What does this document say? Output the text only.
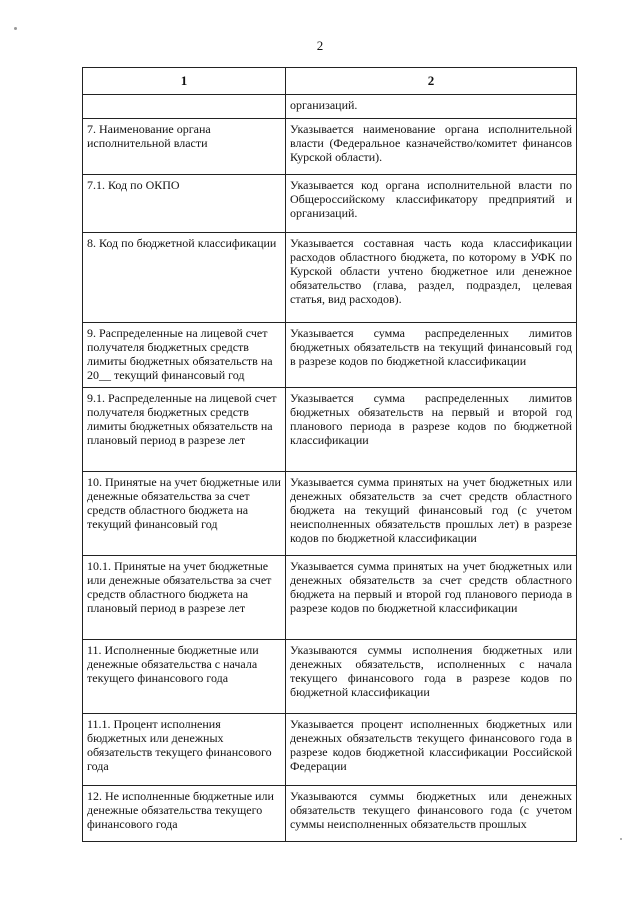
2
1	2
	организаций.
7. Наименование органа исполнительной власти	Указывается наименование органа исполнительной власти (Федеральное казначейство/комитет финансов Курской области).
7.1. Код по ОКПО	Указывается код органа исполнительной власти по Общероссийскому классификатору предприятий и организаций.
8. Код по бюджетной классификации	Указывается составная часть кода классификации расходов областного бюджета, по которому в УФК по Курской области учтено бюджетное или денежное обязательство (глава, раздел, подраздел, целевая статья, вид расходов).
9. Распределенные на лицевой счет получателя бюджетных средств лимиты бюджетных обязательств на 20__ текущий финансовый год	Указывается сумма распределенных лимитов бюджетных обязательств на текущий финансовый год в разрезе кодов по бюджетной классификации
9.1. Распределенные на лицевой счет получателя бюджетных средств лимиты бюджетных обязательств на плановый период в разрезе лет	Указывается сумма распределенных лимитов бюджетных обязательств на первый и второй год планового периода в разрезе кодов по бюджетной классификации
10. Принятые на учет бюджетные или денежные обязательства за счет средств областного бюджета на текущий финансовый год	Указывается сумма принятых на учет бюджетных или денежных обязательств за счет средств областного бюджета на текущий финансовый год (с учетом неисполненных обязательств прошлых лет) в разрезе кодов по бюджетной классификации
10.1. Принятые на учет бюджетные или денежные обязательства за счет средств областного бюджета на плановый период в разрезе лет	Указывается сумма принятых на учет бюджетных или денежных обязательств за счет средств областного бюджета на первый и второй год планового периода в разрезе кодов по бюджетной классификации
11. Исполненные бюджетные или денежные обязательства с начала текущего финансового года	Указываются суммы исполнения бюджетных или денежных обязательств, исполненных с начала текущего финансового года в разрезе кодов по бюджетной классификации
11.1. Процент исполнения бюджетных или денежных обязательств текущего финансового года	Указывается процент исполненных бюджетных или денежных обязательств текущего финансового года в разрезе кодов бюджетной классификации Российской Федерации
12. Не исполненные бюджетные или денежные обязательства текущего финансового года	Указываются суммы бюджетных или денежных обязательств текущего финансового года (с учетом суммы неисполненных обязательств прошлых
